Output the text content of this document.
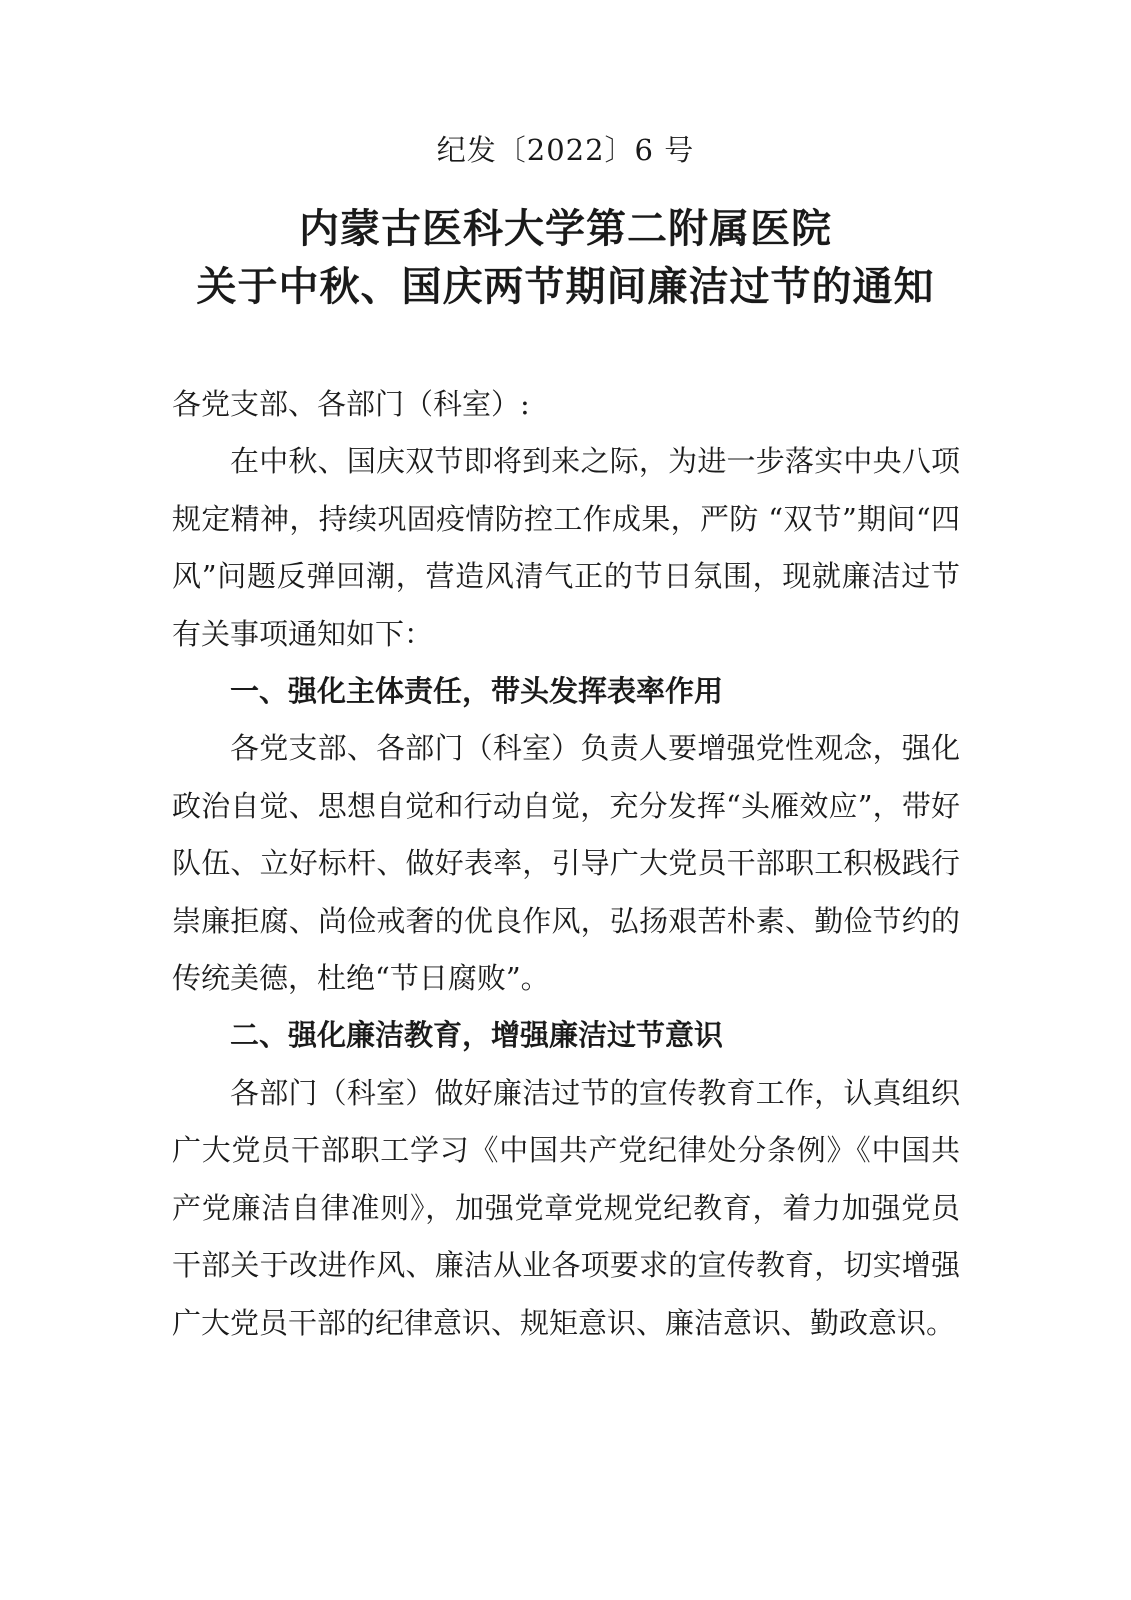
纪发〔2022〕6 号
内蒙古医科大学第二附属医院
关于中秋、国庆两节期间廉洁过节的通知

各党支部、各部门（科室）:

在中秋、国庆双节即将到来之际，为进一步落实中央八项规定精神，持续巩固疫情防控工作成果，严防 “双节”期间“四风”问题反弹回潮，营造风清气正的节日氛围，现就廉洁过节有关事项通知如下：

一、强化主体责任，带头发挥表率作用

各党支部、各部门（科室）负责人要增强党性观念，强化政治自觉、思想自觉和行动自觉，充分发挥“头雁效应”，带好队伍、立好标杆、做好表率，引导广大党员干部职工积极践行崇廉拒腐、尚俭戒奢的优良作风，弘扬艰苦朴素、勤俭节约的传统美德，杜绝“节日腐败”。

二、强化廉洁教育，增强廉洁过节意识

各部门（科室）做好廉洁过节的宣传教育工作，认真组织广大党员干部职工学习《中国共产党纪律处分条例》《中国共产党廉洁自律准则》，加强党章党规党纪教育，着力加强党员干部关于改进作风、廉洁从业各项要求的宣传教育，切实增强广大党员干部的纪律意识、规矩意识、廉洁意识、勤政意识。
